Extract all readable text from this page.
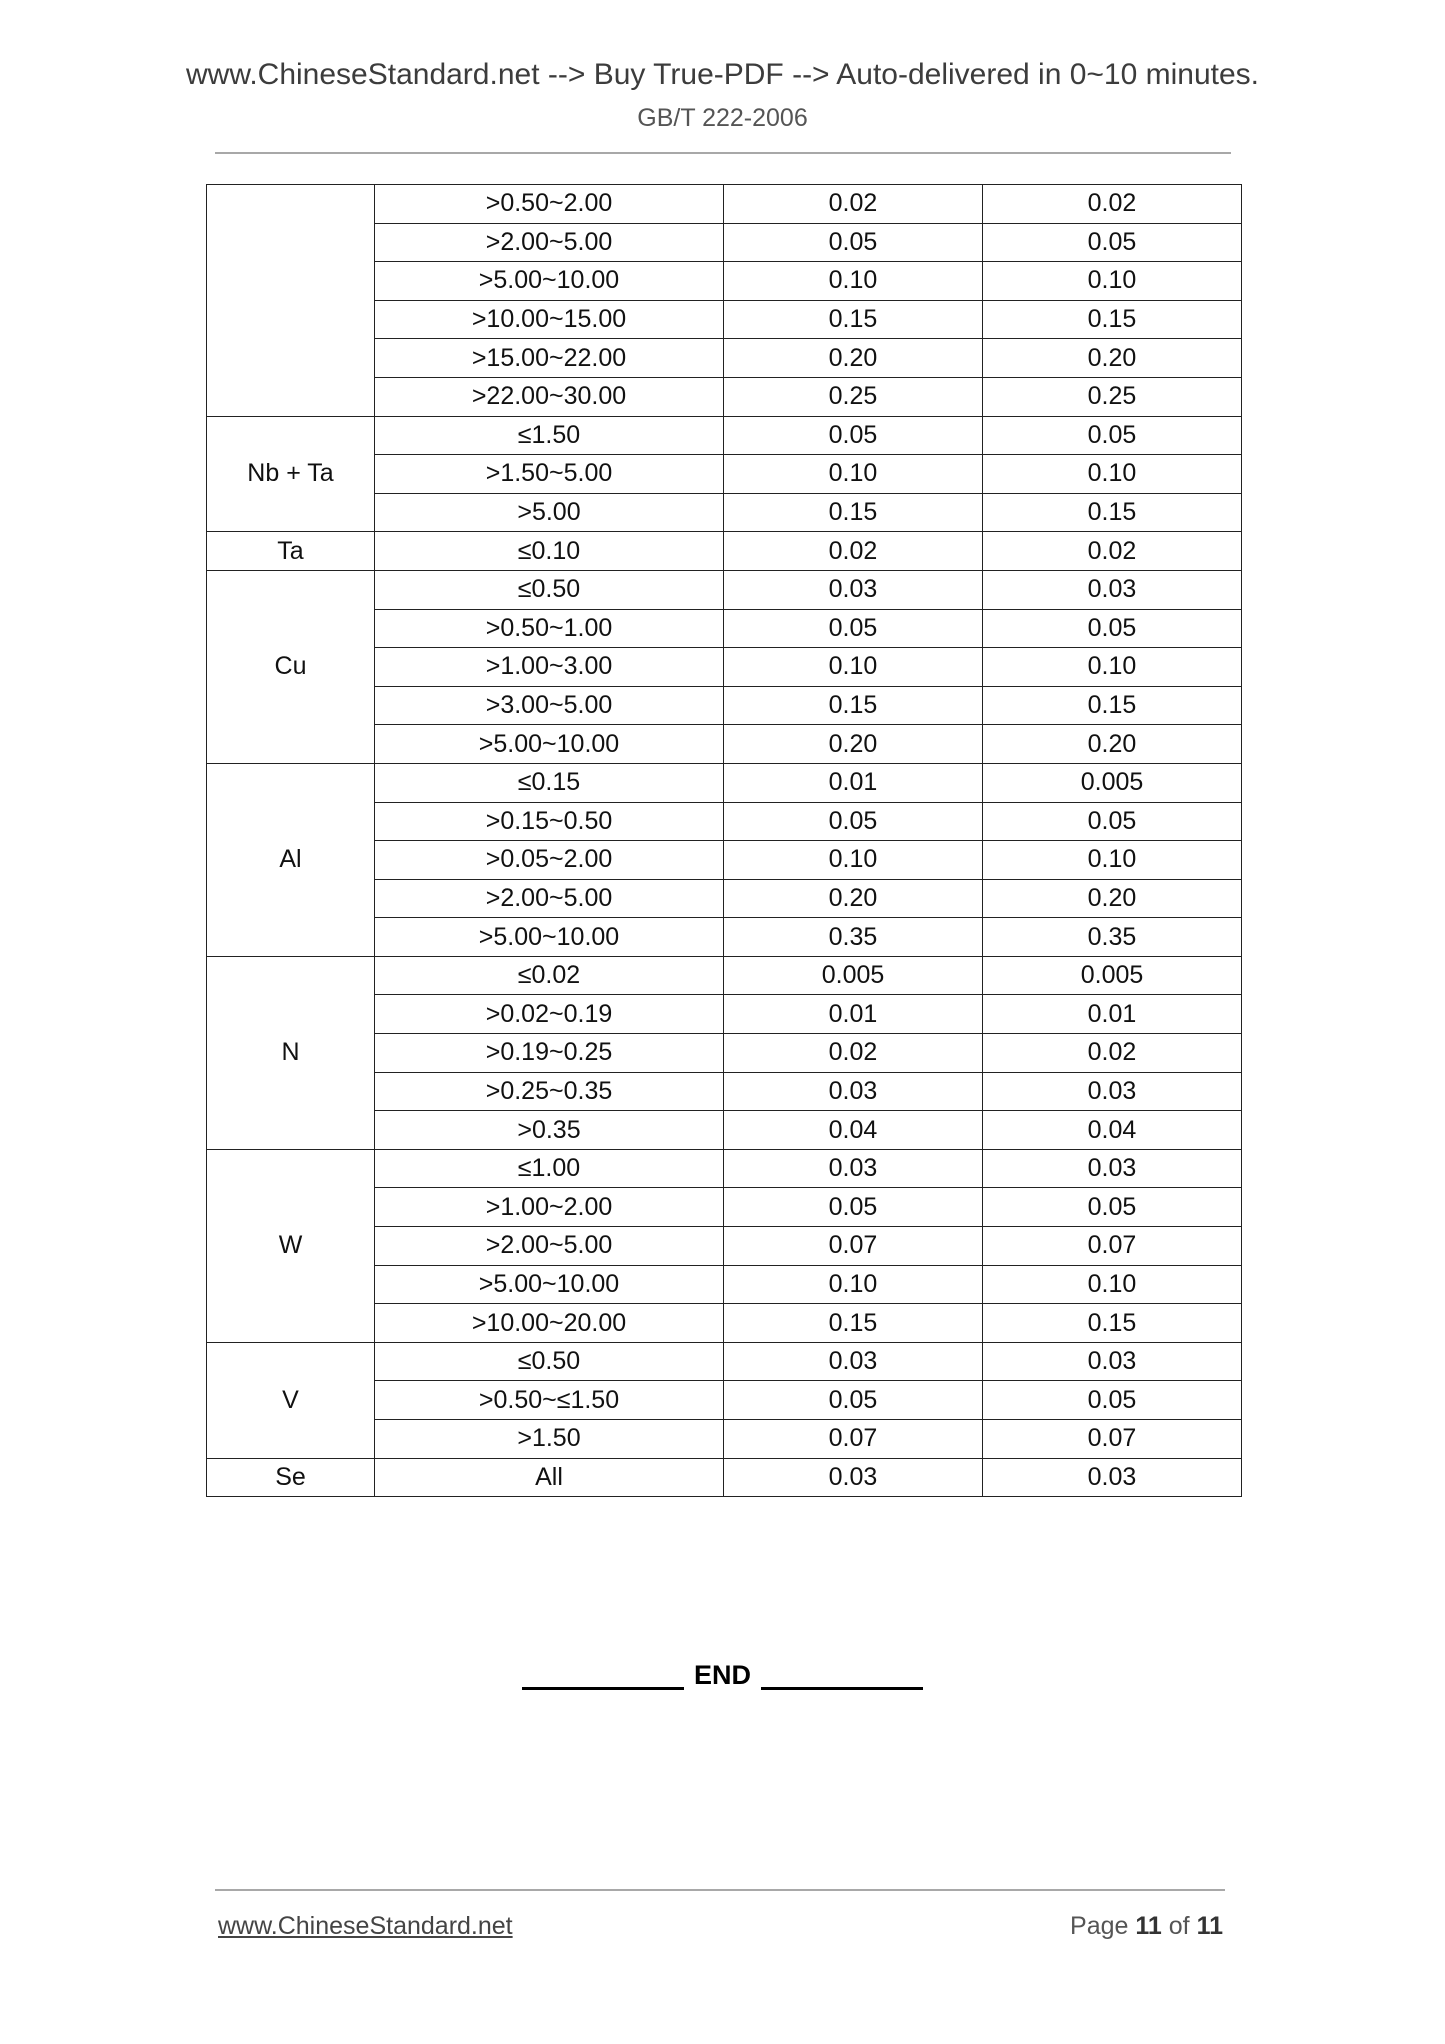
www.ChineseStandard.net --> Buy True-PDF --> Auto-delivered in 0~10 minutes.
GB/T 222-2006
	>0.50~2.00	0.02	0.02
	>2.00~5.00	0.05	0.05
	>5.00~10.00	0.10	0.10
	>10.00~15.00	0.15	0.15
	>15.00~22.00	0.20	0.20
	>22.00~30.00	0.25	0.25
Nb + Ta	≤1.50	0.05	0.05
	>1.50~5.00	0.10	0.10
	>5.00	0.15	0.15
Ta	≤0.10	0.02	0.02
Cu	≤0.50	0.03	0.03
	>0.50~1.00	0.05	0.05
	>1.00~3.00	0.10	0.10
	>3.00~5.00	0.15	0.15
	>5.00~10.00	0.20	0.20
Al	≤0.15	0.01	0.005
	>0.15~0.50	0.05	0.05
	>0.05~2.00	0.10	0.10
	>2.00~5.00	0.20	0.20
	>5.00~10.00	0.35	0.35
N	≤0.02	0.005	0.005
	>0.02~0.19	0.01	0.01
	>0.19~0.25	0.02	0.02
	>0.25~0.35	0.03	0.03
	>0.35	0.04	0.04
W	≤1.00	0.03	0.03
	>1.00~2.00	0.05	0.05
	>2.00~5.00	0.07	0.07
	>5.00~10.00	0.10	0.10
	>10.00~20.00	0.15	0.15
V	≤0.50	0.03	0.03
	>0.50~≤1.50	0.05	0.05
	>1.50	0.07	0.07
Se	All	0.03	0.03
END
www.ChineseStandard.net	Page 11 of 11
